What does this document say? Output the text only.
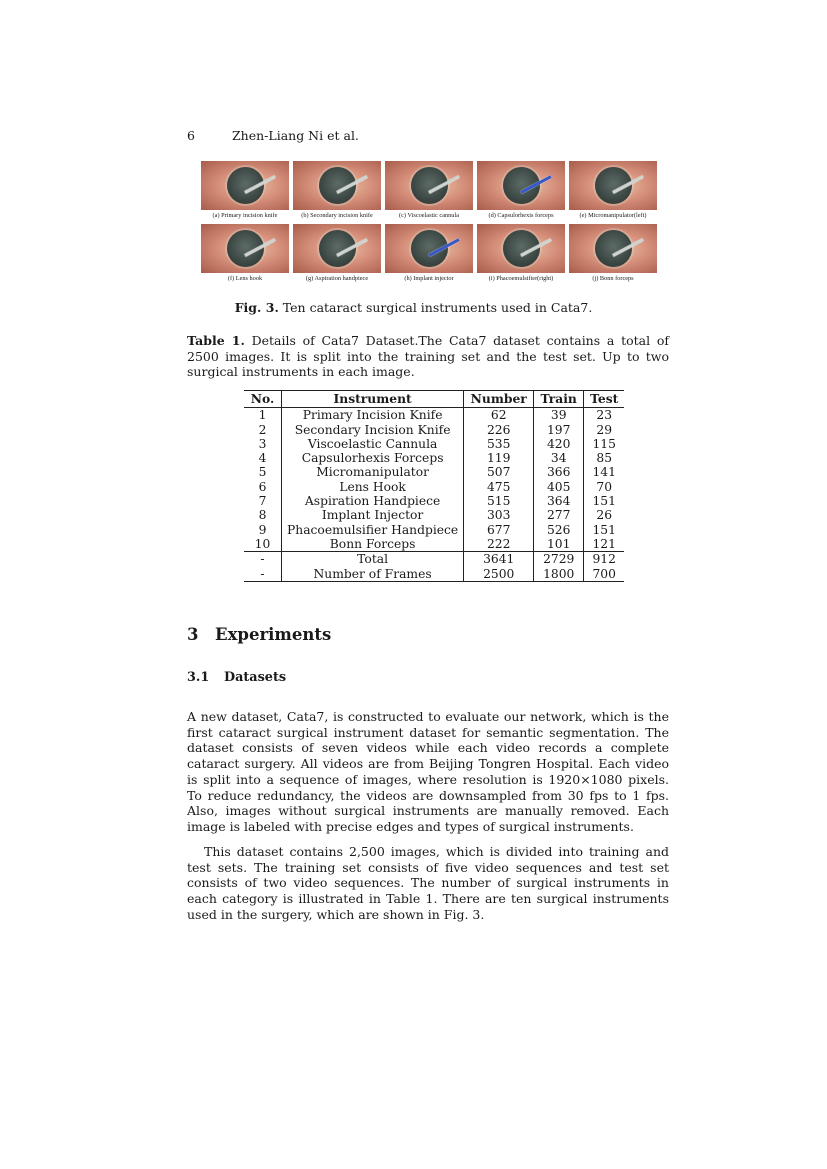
6	Zhen-Liang Ni et al.
(a) Primary incision knife	(b) Secondary incision knife	(c) Viscoelastic cannula	(d) Capsulorhexis forceps	(e) Micromanipulator(left)
(f) Lens hook	(g) Aspiration handpiece	(h) Implant injector	(i) Phacoemulsifier(right)	(j) Bonn forceps
Fig. 3. Ten cataract surgical instruments used in Cata7.
Table 1. Details of Cata7 Dataset.The Cata7 dataset contains a total of 2500 images. It is split into the training set and the test set. Up to two surgical instruments in each image.
No.	Instrument	Number	Train	Test
1	Primary Incision Knife	62	39	23
2	Secondary Incision Knife	226	197	29
3	Viscoelastic Cannula	535	420	115
4	Capsulorhexis Forceps	119	34	85
5	Micromanipulator	507	366	141
6	Lens Hook	475	405	70
7	Aspiration Handpiece	515	364	151
8	Implant Injector	303	277	26
9	Phacoemulsifier Handpiece	677	526	151
10	Bonn Forceps	222	101	121
-	Total	3641	2729	912
-	Number of Frames	2500	1800	700
3 Experiments
3.1 Datasets

A new dataset, Cata7, is constructed to evaluate our network, which is the first cataract surgical instrument dataset for semantic segmentation. The dataset consists of seven videos while each video records a complete cataract surgery. All videos are from Beijing Tongren Hospital. Each video is split into a sequence of images, where resolution is 1920×1080 pixels. To reduce redundancy, the videos are downsampled from 30 fps to 1 fps. Also, images without surgical instruments are manually removed. Each image is labeled with precise edges and types of surgical instruments.

This dataset contains 2,500 images, which is divided into training and test sets. The training set consists of five video sequences and test set consists of two video sequences. The number of surgical instruments in each category is illustrated in Table 1. There are ten surgical instruments used in the surgery, which are shown in Fig. 3.
